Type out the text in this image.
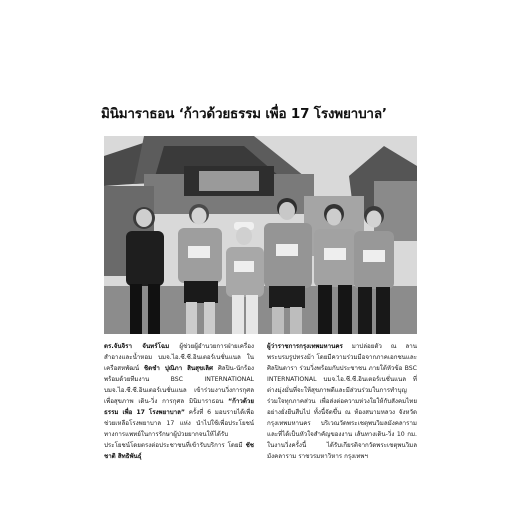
มินิมาราธอน ‘ก้าวด้วยธรรม เพื่อ 17 โรงพยาบาล’

ดร.จันจิรา จันทร์โฉม ผู้ช่วยผู้อำนวยการฝ่ายเครื่องสำอางและน้ำหอม บมจ.ไอ.ซี.ซี.อินเตอร์เนชั่นแนล ในเครือสหพัฒน์ ชิดชำ ปุณิภา สินสุขเลิศ ศิลปิน-นักร้องพร้อมด้วยทีมงาน BSC INTERNATIONAL บมจ.ไอ.ซี.ซี.อินเตอร์เนชั่นแนล เข้าร่วมงานวิ่งการกุศลเพื่อสุขภาพ เดิน-วิ่ง การกุศล มินิมาราธอน “ก้าวด้วยธรรม เพื่อ 17 โรงพยาบาล” ครั้งที่ 6 มอบรายได้เพื่อช่วยเหลือโรงพยาบาล 17 แห่ง นำไปใช้เพื่อประโยชน์ทางการแพทย์ในการรักษาผู้ป่วยยากจนให้ได้รับประโยชน์โดยตรงต่อประชาชนที่เข้ารับบริการ โดยมี ชัชชาติ สิทธิพันธุ์

ผู้ว่าราชการกรุงเทพมหานคร มาปล่อยตัว ณ ลานพระบรมรูปทรงม้า โดยมีความร่วมมือจากภาคเอกชนและศิลปินดารา ร่วมวิ่งพร้อมกับประชาชน ภายใต้หัวข้อ BSC INTERNATIONAL บมจ.ไอ.ซี.ซี.อินเตอร์เนชั่นแนล ที่ต่างมุ่งมั่นที่จะให้สุขภาพดีและมีส่วนร่วมในการทำบุญ ร่วมใจทุกภาคส่วน เพื่อส่งต่อความห่วงใยให้กับสังคมไทย อย่างยั่งยืนสืบไป ทั้งนี้จัดขึ้น ณ ท้องสนามหลวง จังหวัดกรุงเทพมหานคร บริเวณวัดพระเชตุพนวิมลมังคลาราม และที่ได้เป็นหัวใจสำคัญของงาน เส้นทางเดิน-วิ่ง 10 กม. ในงานวิ่งครั้งนี้ ได้รับเกียรติจากวัดพระเชตุพนวิมลมังคลาราม ราชวรมหาวิหาร กรุงเทพฯ
